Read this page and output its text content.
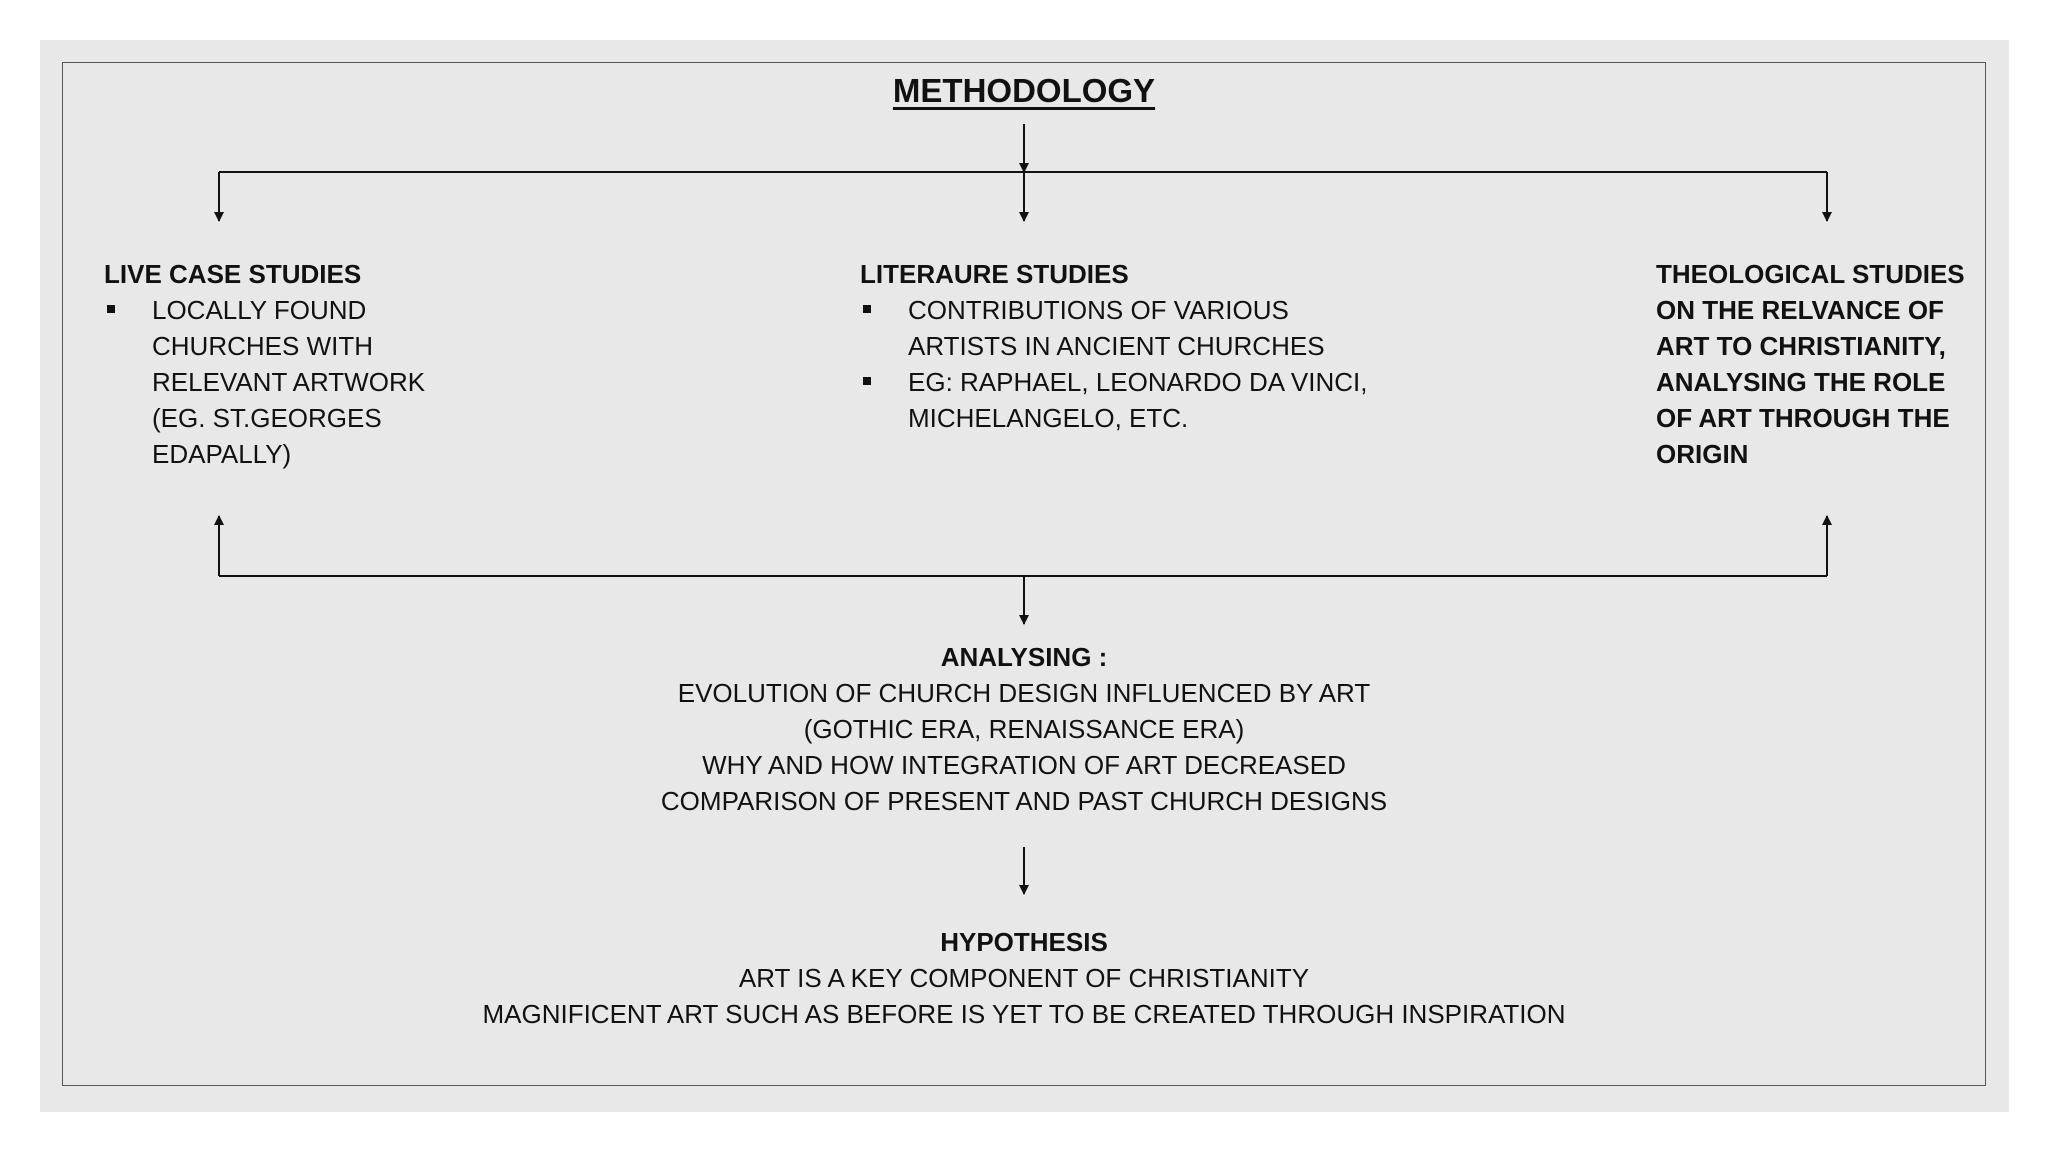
METHODOLOGY
LIVE CASE STUDIES
LOCALLY FOUND CHURCHES WITH RELEVANT ARTWORK (EG. ST.GEORGES EDAPALLY)
LITERAURE STUDIES
CONTRIBUTIONS OF VARIOUS ARTISTS IN ANCIENT CHURCHES
EG: RAPHAEL, LEONARDO DA VINCI, MICHELANGELO, ETC.
THEOLOGICAL STUDIES
ON THE RELVANCE OF
ART TO CHRISTIANITY,
ANALYSING THE ROLE
OF ART THROUGH THE
ORIGIN
ANALYSING :
EVOLUTION OF CHURCH DESIGN INFLUENCED BY ART
(GOTHIC ERA, RENAISSANCE ERA)
WHY AND HOW INTEGRATION OF ART DECREASED
COMPARISON OF PRESENT AND PAST CHURCH DESIGNS
HYPOTHESIS
ART IS A KEY COMPONENT OF CHRISTIANITY
MAGNIFICENT ART SUCH AS BEFORE IS YET TO BE CREATED THROUGH INSPIRATION
